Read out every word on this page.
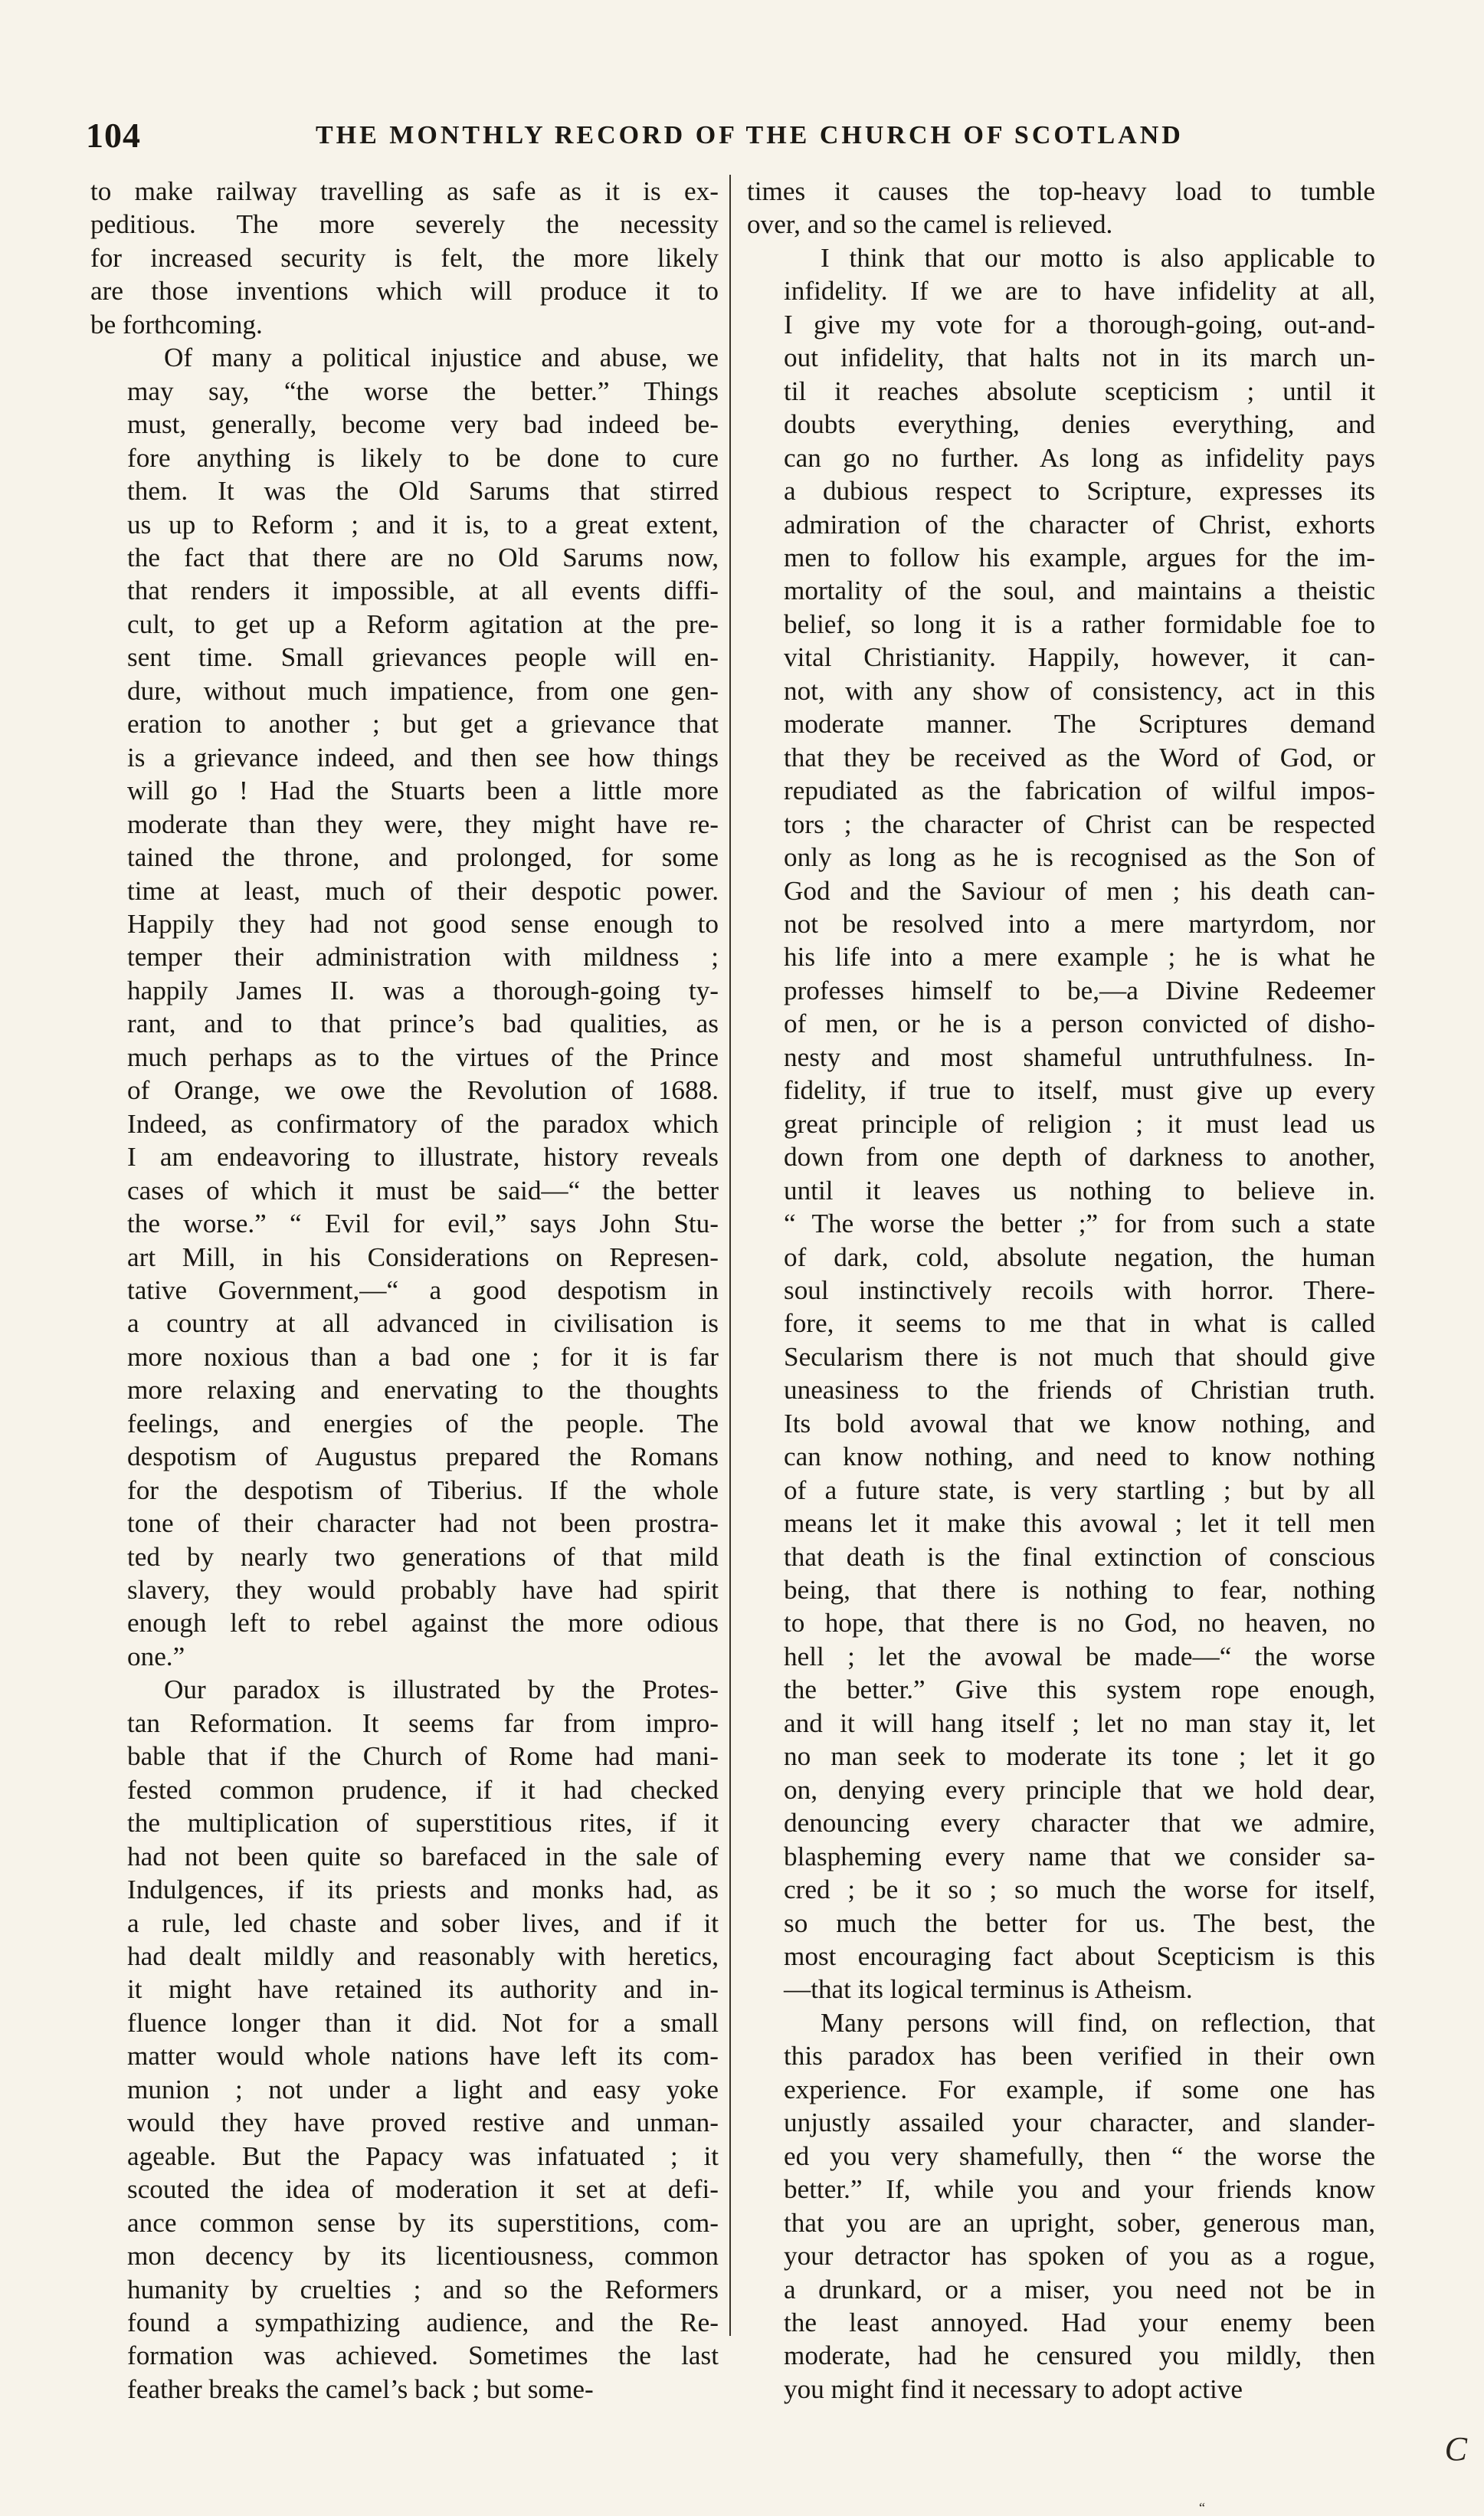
104	THE MONTHLY RECORD OF THE CHURCH OF SCOTLAND

to make railway travelling as safe as it is ex-
peditious. The more severely the necessity
for increased security is felt, the more likely
are those inventions which will produce it to
be forthcoming.

Of many a political injustice and abuse, we
may say, “the worse the better.” Things
must, generally, become very bad indeed be-
fore anything is likely to be done to cure
them. It was the Old Sarums that stirred
us up to Reform ; and it is, to a great extent,
the fact that there are no Old Sarums now,
that renders it impossible, at all events diffi-
cult, to get up a Reform agitation at the pre-
sent time. Small grievances people will en-
dure, without much impatience, from one gen-
eration to another ; but get a grievance that
is a grievance indeed, and then see how things
will go ! Had the Stuarts been a little more
moderate than they were, they might have re-
tained the throne, and prolonged, for some
time at least, much of their despotic power.
Happily they had not good sense enough to
temper their administration with mildness ;
happily James II. was a thorough-going ty-
rant, and to that prince’s bad qualities, as
much perhaps as to the virtues of the Prince
of Orange, we owe the Revolution of 1688.
Indeed, as confirmatory of the paradox which
I am endeavoring to illustrate, history reveals
cases of which it must be said—“ the better
the worse.” “ Evil for evil,” says John Stu-
art Mill, in his Considerations on Represen-
tative Government,—“ a good despotism in
a country at all advanced in civilisation is
more noxious than a bad one ; for it is far
more relaxing and enervating to the thoughts
feelings, and energies of the people. The
despotism of Augustus prepared the Romans
for the despotism of Tiberius. If the whole
tone of their character had not been prostra-
ted by nearly two generations of that mild
slavery, they would probably have had spirit
enough left to rebel against the more odious
one.”

Our paradox is illustrated by the Protes-
tan Reformation. It seems far from impro-
bable that if the Church of Rome had mani-
fested common prudence, if it had checked
the multiplication of superstitious rites, if it
had not been quite so barefaced in the sale of
Indulgences, if its priests and monks had, as
a rule, led chaste and sober lives, and if it
had dealt mildly and reasonably with heretics,
it might have retained its authority and in-
fluence longer than it did. Not for a small
matter would whole nations have left its com-
munion ; not under a light and easy yoke
would they have proved restive and unman-
ageable. But the Papacy was infatuated ; it
scouted the idea of moderation it set at defi-
ance common sense by its superstitions, com-
mon decency by its licentiousness, common
humanity by cruelties ; and so the Reformers
found a sympathizing audience, and the Re-
formation was achieved. Sometimes the last
feather breaks the camel’s back ; but some-

times it causes the top-heavy load to tumble
over, and so the camel is relieved.

I think that our motto is also applicable to
infidelity. If we are to have infidelity at all,
I give my vote for a thorough-going, out-and-
out infidelity, that halts not in its march un-
til it reaches absolute scepticism ; until it
doubts everything, denies everything, and
can go no further. As long as infidelity pays
a dubious respect to Scripture, expresses its
admiration of the character of Christ, exhorts
men to follow his example, argues for the im-
mortality of the soul, and maintains a theistic
belief, so long it is a rather formidable foe to
vital Christianity. Happily, however, it can-
not, with any show of consistency, act in this
moderate manner. The Scriptures demand
that they be received as the Word of God, or
repudiated as the fabrication of wilful impos-
tors ; the character of Christ can be respected
only as long as he is recognised as the Son of
God and the Saviour of men ; his death can-
not be resolved into a mere martyrdom, nor
his life into a mere example ; he is what he
professes himself to be,—a Divine Redeemer
of men, or he is a person convicted of disho-
nesty and most shameful untruthfulness. In-
fidelity, if true to itself, must give up every
great principle of religion ; it must lead us
down from one depth of darkness to another,
until it leaves us nothing to believe in.
“ The worse the better ;” for from such a state
of dark, cold, absolute negation, the human
soul instinctively recoils with horror. There-
fore, it seems to me that in what is called
Secularism there is not much that should give
uneasiness to the friends of Christian truth.
Its bold avowal that we know nothing, and
can know nothing, and need to know nothing
of a future state, is very startling ; but by all
means let it make this avowal ; let it tell men
that death is the final extinction of conscious
being, that there is nothing to fear, nothing
to hope, that there is no God, no heaven, no
hell ; let the avowal be made—“ the worse
the better.” Give this system rope enough,
and it will hang itself ; let no man stay it, let
no man seek to moderate its tone ; let it go
on, denying every principle that we hold dear,
denouncing every character that we admire,
blaspheming every name that we consider sa-
cred ; be it so ; so much the worse for itself,
so much the better for us. The best, the
most encouraging fact about Scepticism is this
—that its logical terminus is Atheism.

Many persons will find, on reflection, that
this paradox has been verified in their own
experience. For example, if some one has
unjustly assailed your character, and slander-
ed you very shamefully, then “ the worse the
better.” If, while you and your friends know
that you are an upright, sober, generous man,
your detractor has spoken of you as a rogue,
a drunkard, or a miser, you need not be in
the least annoyed. Had your enemy been
moderate, had he censured you mildly, then
you might find it necessary to adopt active

C
“
